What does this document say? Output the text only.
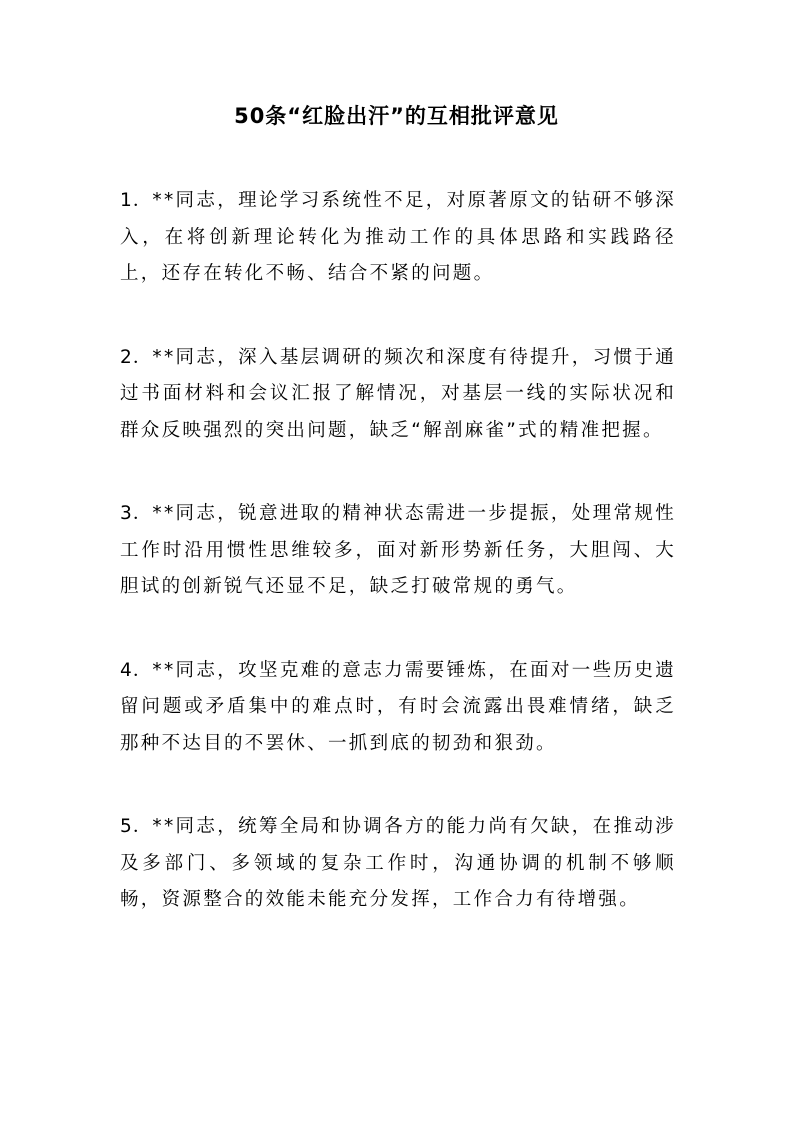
50条“红脸出汗”的互相批评意见

1．**同志，理论学习系统性不足，对原著原文的钻研不够深入，在将创新理论转化为推动工作的具体思路和实践路径上，还存在转化不畅、结合不紧的问题。

2．**同志，深入基层调研的频次和深度有待提升，习惯于通过书面材料和会议汇报了解情况，对基层一线的实际状况和群众反映强烈的突出问题，缺乏“解剖麻雀”式的精准把握。

3．**同志，锐意进取的精神状态需进一步提振，处理常规性工作时沿用惯性思维较多，面对新形势新任务，大胆闯、大胆试的创新锐气还显不足，缺乏打破常规的勇气。

4．**同志，攻坚克难的意志力需要锤炼，在面对一些历史遗留问题或矛盾集中的难点时，有时会流露出畏难情绪，缺乏那种不达目的不罢休、一抓到底的韧劲和狠劲。

5．**同志，统筹全局和协调各方的能力尚有欠缺，在推动涉及多部门、多领域的复杂工作时，沟通协调的机制不够顺畅，资源整合的效能未能充分发挥，工作合力有待增强。
